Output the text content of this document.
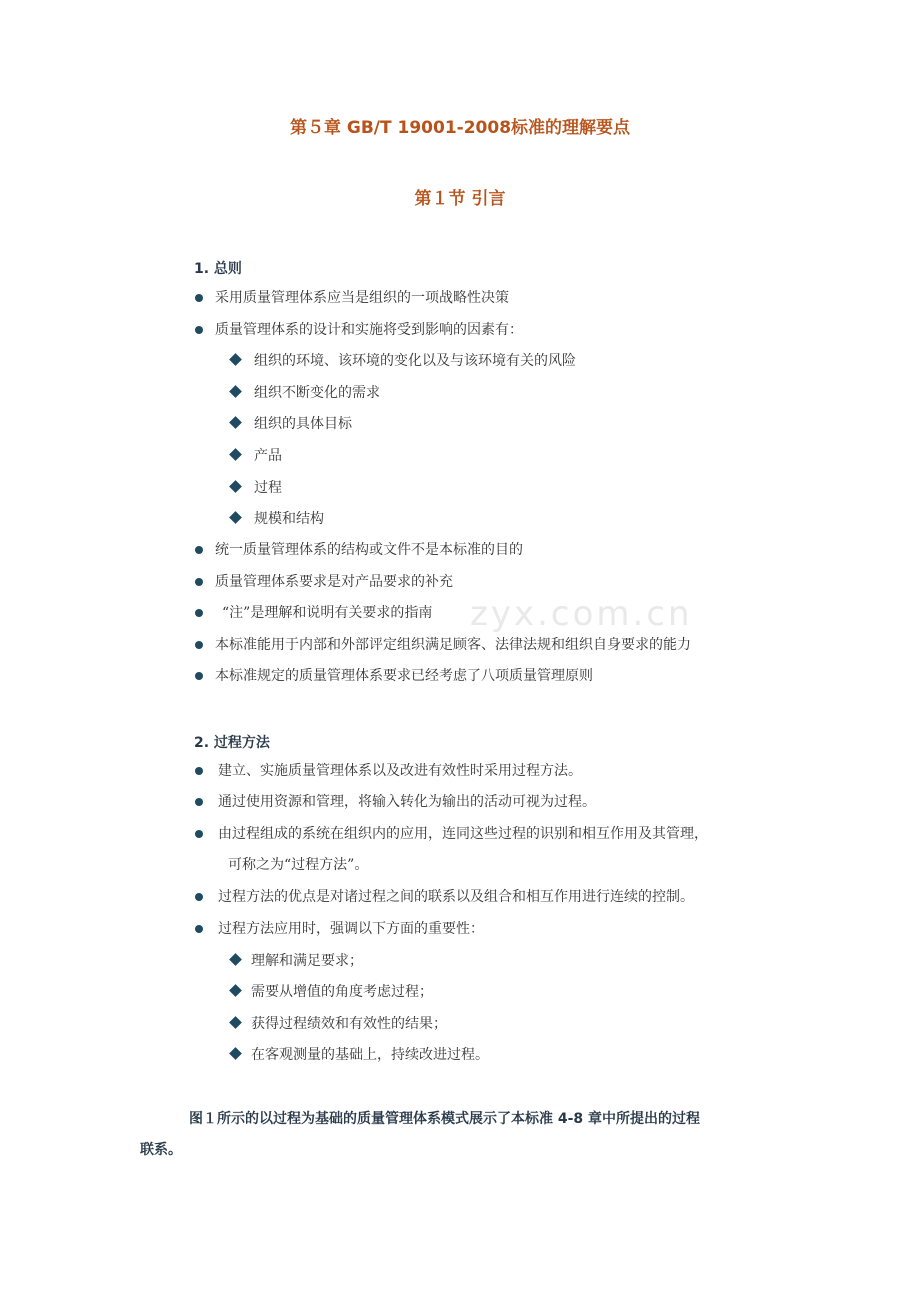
zyx.com.cn
第５章 GB/T 19001-2008标准的理解要点
第１节 引言
1. 总则
采用质量管理体系应当是组织的一项战略性决策
质量管理体系的设计和实施将受到影响的因素有：
组织的环境、该环境的变化以及与该环境有关的风险
组织不断变化的需求
组织的具体目标
产品
过程
规模和结构
统一质量管理体系的结构或文件不是本标准的目的
质量管理体系要求是对产品要求的补充
“注”是理解和说明有关要求的指南
本标准能用于内部和外部评定组织满足顾客、法律法规和组织自身要求的能力
本标准规定的质量管理体系要求已经考虑了八项质量管理原则
2. 过程方法
建立、实施质量管理体系以及改进有效性时采用过程方法。
通过使用资源和管理，将输入转化为输出的活动可视为过程。
由过程组成的系统在组织内的应用，连同这些过程的识别和相互作用及其管理，
可称之为“过程方法”。
过程方法的优点是对诸过程之间的联系以及组合和相互作用进行连续的控制。
过程方法应用时，强调以下方面的重要性：
理解和满足要求；
需要从增值的角度考虑过程；
获得过程绩效和有效性的结果；
在客观测量的基础上，持续改进过程。
图１所示的以过程为基础的质量管理体系模式展示了本标准 4-8 章中所提出的过程
联系。
